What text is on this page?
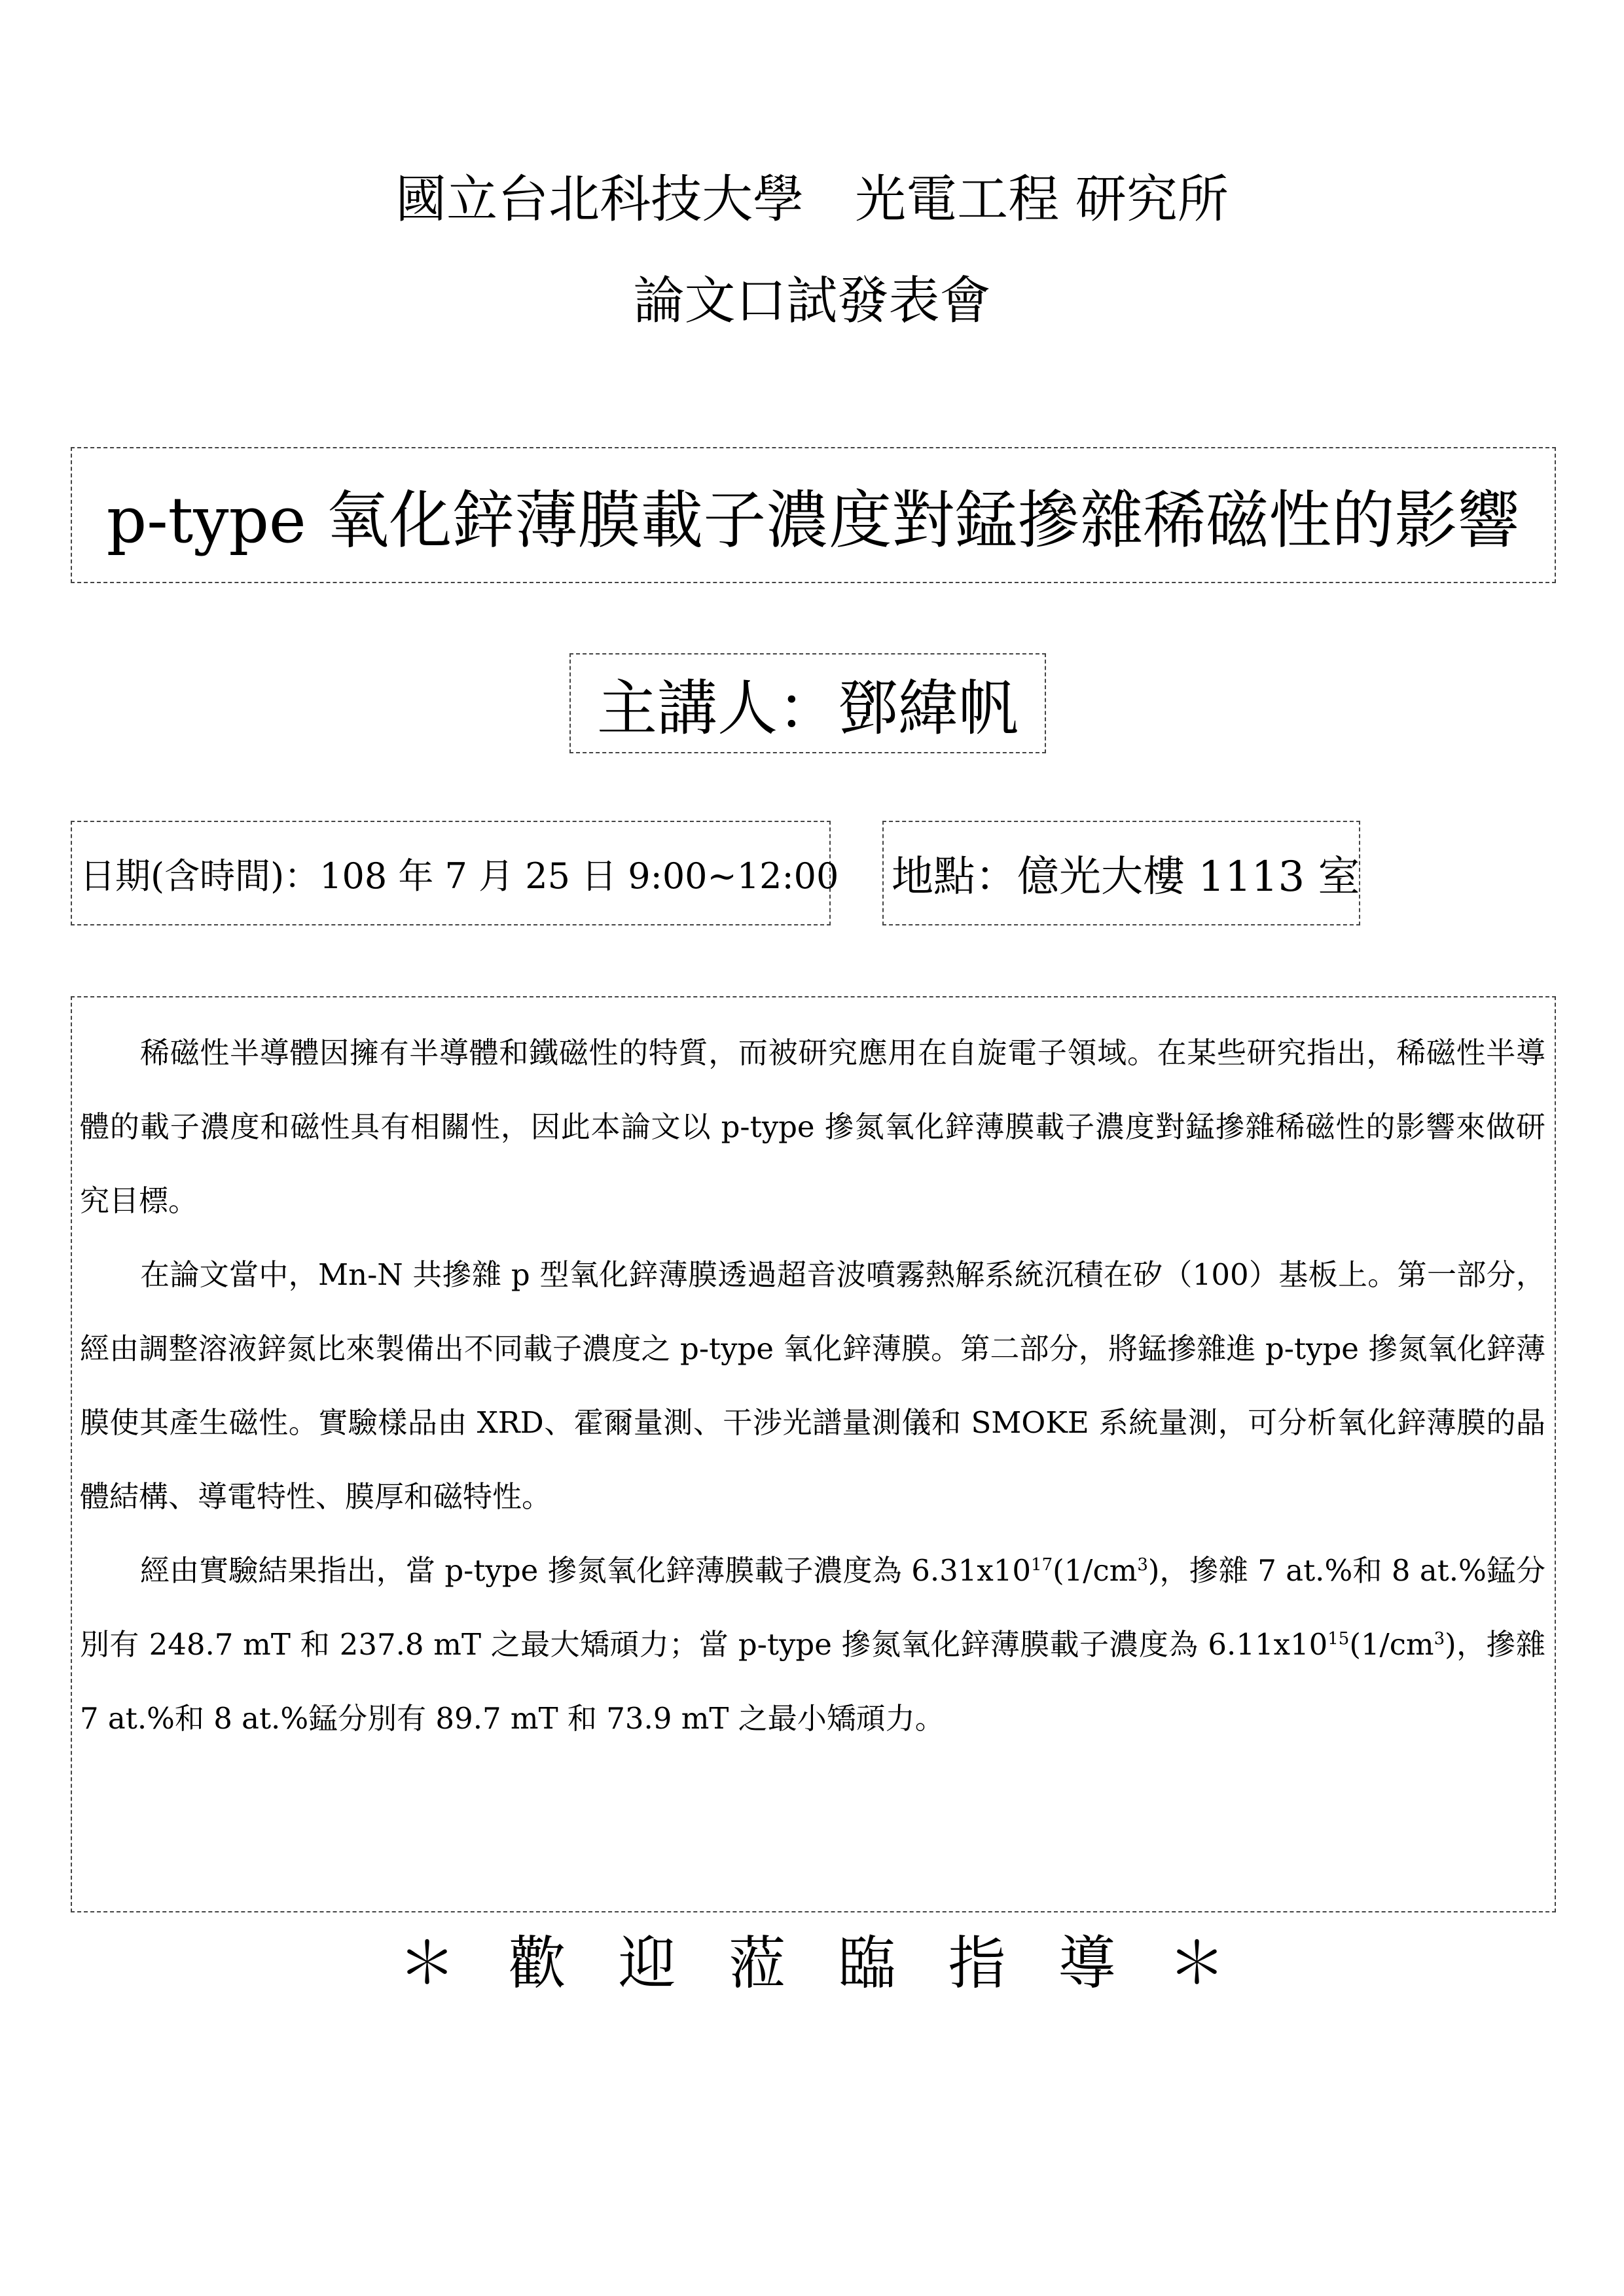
國立台北科技大學　光電工程 研究所
論文口試發表會
p-type 氧化鋅薄膜載子濃度對錳摻雜稀磁性的影響
主講人：鄧緯帆
日期(含時間)：108 年 7 月 25 日 9:00~12:00 地點：億光大樓 1113 室

稀磁性半導體因擁有半導體和鐵磁性的特質，而被研究應用在自旋電子領域。在某些研究指出，稀磁性半導體的載子濃度和磁性具有相關性，因此本論文以 p-type 摻氮氧化鋅薄膜載子濃度對錳摻雜稀磁性的影響來做研究目標。

在論文當中，Mn-N 共摻雜 p 型氧化鋅薄膜透過超音波噴霧熱解系統沉積在矽（100）基板上。第一部分，經由調整溶液鋅氮比來製備出不同載子濃度之 p-type 氧化鋅薄膜。第二部分，將錳摻雜進 p-type 摻氮氧化鋅薄膜使其產生磁性。實驗樣品由 XRD、霍爾量測、干涉光譜量測儀和 SMOKE 系統量測，可分析氧化鋅薄膜的晶體結構、導電特性、膜厚和磁特性。

經由實驗結果指出，當 p-type 摻氮氧化鋅薄膜載子濃度為 $6.31x10^{17}(1/cm^3)$，摻雜 7 at.%和 8 at.%錳分別有 248.7 mT 和 237.8 mT 之最大矯頑力；當 p-type 摻氮氧化鋅薄膜載子濃度為 $6.11x10^{15}(1/cm^3)$，摻雜 7 at.%和 8 at.%錳分別有 89.7 mT 和 73.9 mT 之最小矯頑力。

＊ 歡 迎 蒞 臨 指 導 ＊
